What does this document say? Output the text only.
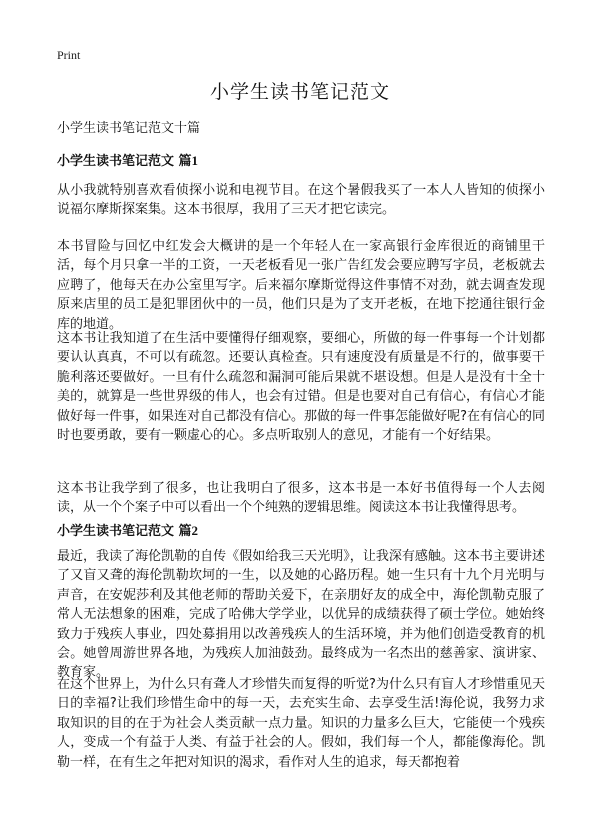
Print
小学生读书笔记范文
小学生读书笔记范文十篇
小学生读书笔记范文 篇1
从小我就特别喜欢看侦探小说和电视节目。在这个暑假我买了一本人人皆知的侦探小说福尔摩斯探案集。这本书很厚，我用了三天才把它读完。
本书冒险与回忆中红发会大概讲的是一个年轻人在一家高银行金库很近的商铺里干活，每个月只拿一半的工资，一天老板看见一张广告红发会要应聘写字员，老板就去应聘了，他每天在办公室里写字。后来福尔摩斯觉得这件事情不对劲，就去调查发现原来店里的员工是犯罪团伙中的一员，他们只是为了支开老板，在地下挖通往银行金库的地道。
这本书让我知道了在生活中要懂得仔细观察，要细心，所做的每一件事每一个计划都要认认真真，不可以有疏忽。还要认真检查。只有速度没有质量是不行的，做事要干脆利落还要做好。一旦有什么疏忽和漏洞可能后果就不堪设想。但是人是没有十全十美的，就算是一些世界级的伟人，也会有过错。但是也要对自己有信心，有信心才能做好每一件事，如果连对自己都没有信心。那做的每一件事怎能做好呢?在有信心的同时也要勇敢，要有一颗虚心的心。多点听取别人的意见，才能有一个好结果。
这本书让我学到了很多，也让我明白了很多，这本书是一本好书值得每一个人去阅读，从一个个案子中可以看出一个个纯熟的逻辑思维。阅读这本书让我懂得思考。
小学生读书笔记范文 篇2
最近，我读了海伦凯勒的自传《假如给我三天光明》，让我深有感触。这本书主要讲述了又盲又聋的海伦凯勒坎坷的一生，以及她的心路历程。她一生只有十九个月光明与声音，在安妮莎利及其他老师的帮助关爱下，在亲朋好友的成全中，海伦凯勒克服了常人无法想象的困难，完成了哈佛大学学业，以优异的成绩获得了硕士学位。她始终致力于残疾人事业，四处募捐用以改善残疾人的生活环境，并为他们创造受教育的机会。她曾周游世界各地，为残疾人加油鼓劲。最终成为一名杰出的慈善家、演讲家、教育家。
在这个世界上，为什么只有聋人才珍惜失而复得的听觉?为什么只有盲人才珍惜重见天日的幸福?让我们珍惜生命中的每一天，去充实生命、去享受生活!海伦说，我努力求取知识的目的在于为社会人类贡献一点力量。知识的力量多么巨大，它能使一个残疾人，变成一个有益于人类、有益于社会的人。假如，我们每一个人，都能像海伦。凯勒一样，在有生之年把对知识的渴求，看作对人生的追求，每天都抱着
